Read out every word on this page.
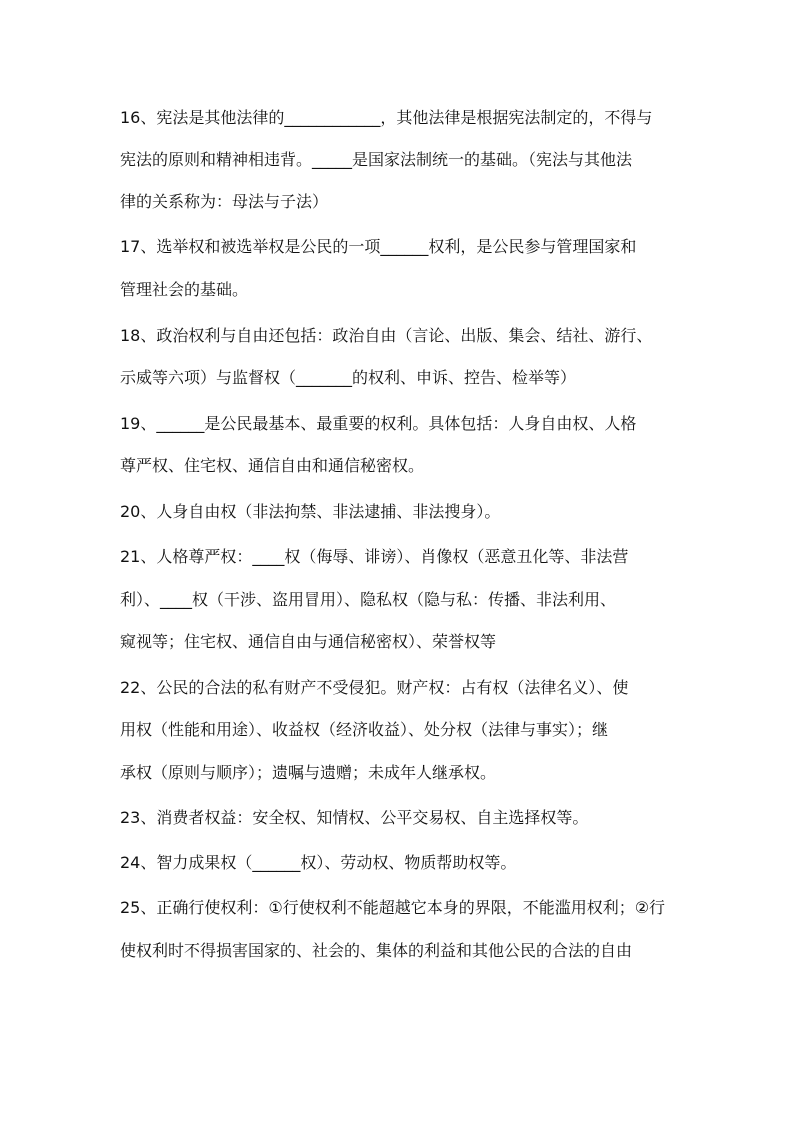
16、宪法是其他法律的____________，其他法律是根据宪法制定的，不得与
宪法的原则和精神相违背。_____是国家法制统一的基础。（宪法与其他法
律的关系称为：母法与子法）
17、选举权和被选举权是公民的一项______权利，是公民参与管理国家和
管理社会的基础。
18、政治权利与自由还包括：政治自由（言论、出版、集会、结社、游行、
示威等六项）与监督权（_______的权利、申诉、控告、检举等）
19、______是公民最基本、最重要的权利。具体包括：人身自由权、人格
尊严权、住宅权、通信自由和通信秘密权。
20、人身自由权（非法拘禁、非法逮捕、非法搜身）。
21、人格尊严权：____权（侮辱、诽谤）、肖像权（恶意丑化等、非法营
利）、____权（干涉、盗用冒用）、隐私权（隐与私：传播、非法利用、
窥视等；住宅权、通信自由与通信秘密权）、荣誉权等
22、公民的合法的私有财产不受侵犯。财产权：占有权（法律名义）、使
用权（性能和用途）、收益权（经济收益）、处分权（法律与事实）；继
承权（原则与顺序）；遗嘱与遗赠；未成年人继承权。
23、消费者权益：安全权、知情权、公平交易权、自主选择权等。
24、智力成果权（______权）、劳动权、物质帮助权等。
25、正确行使权利：①行使权利不能超越它本身的界限，不能滥用权利；②行
使权利时不得损害国家的、社会的、集体的利益和其他公民的合法的自由
